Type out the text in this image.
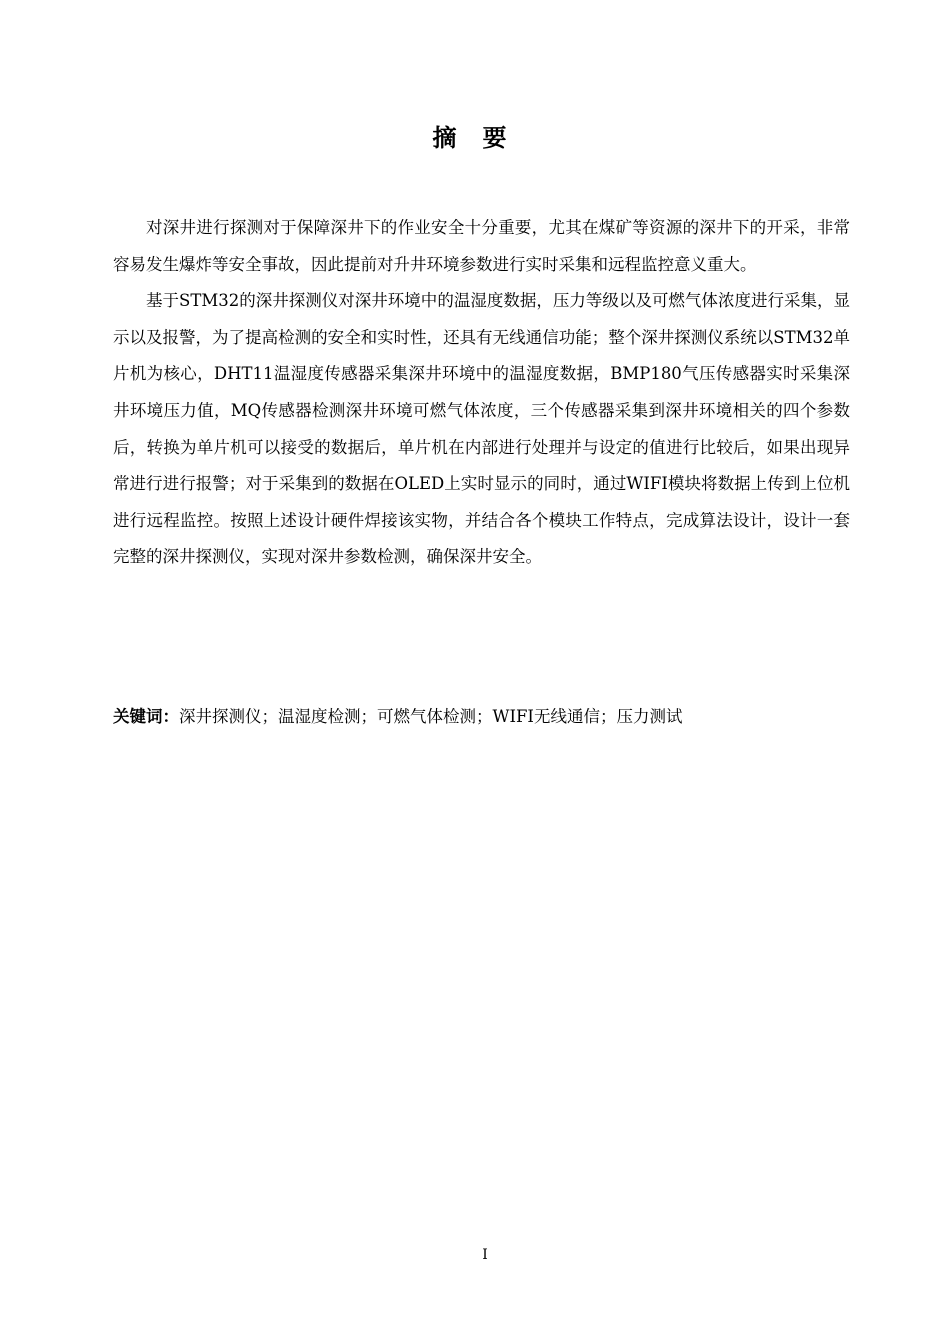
摘要

对深井进行探测对于保障深井下的作业安全十分重要，尤其在煤矿等资源的深井下的开采，非常容易发生爆炸等安全事故，因此提前对升井环境参数进行实时采集和远程监控意义重大。

基于STM32的深井探测仪对深井环境中的温湿度数据，压力等级以及可燃气体浓度进行采集，显示以及报警，为了提高检测的安全和实时性，还具有无线通信功能；整个深井探测仪系统以STM32单片机为核心，DHT11温湿度传感器采集深井环境中的温湿度数据，BMP180气压传感器实时采集深井环境压力值，MQ传感器检测深井环境可燃气体浓度，三个传感器采集到深井环境相关的四个参数后，转换为单片机可以接受的数据后，单片机在内部进行处理并与设定的值进行比较后，如果出现异常进行进行报警；对于采集到的数据在OLED上实时显示的同时，通过WIFI模块将数据上传到上位机进行远程监控。按照上述设计硬件焊接该实物，并结合各个模块工作特点，完成算法设计，设计一套完整的深井探测仪，实现对深井参数检测，确保深井安全。

关键词：深井探测仪；温湿度检测；可燃气体检测；WIFI无线通信；压力测试
I
